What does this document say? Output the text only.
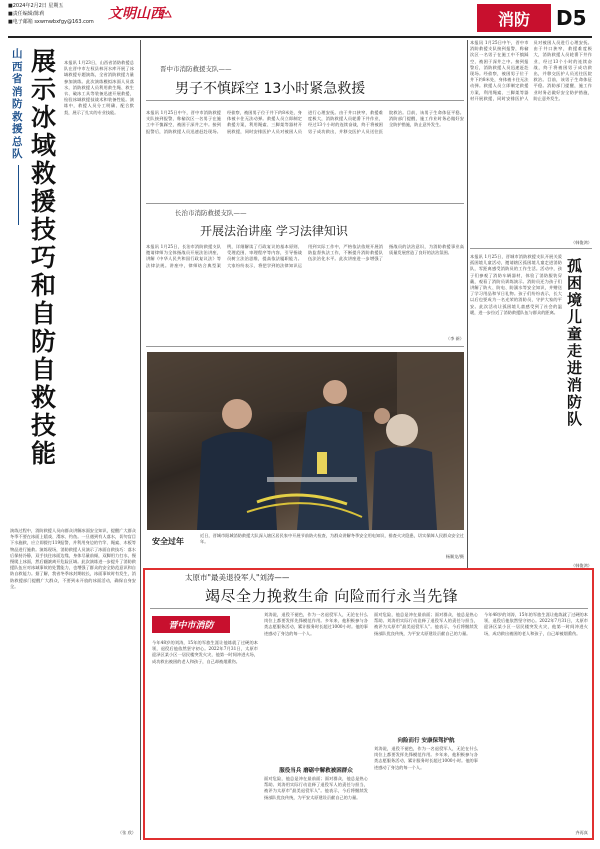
■2024年2月2日 星期五
■责任编辑/陈莉
■电子邮箱 sxwmwbxfgy@163.com	文明山西	消防	D5
山西省消防救援总队
展示冰域救援技巧和自防自救技能
本报讯 1月23日，山西省消防救援总队在晋中市左权县林河水库开展了冰域救援专题演练，全省消防救援力量参加演练。此次演练模拟冰面人员落水，消防救援人员利用救生绳、救生衣、破冰工具等装备迅速开展救援，检验冰域救援技战术和装备性能。演练中，救援人员分工明确、配合默契，展示了扎实的专业技能。
演练过程中，消防救援人员向群众讲解冰面安全知识，提醒广大群众冬季不要在冰面上嬉戏、滑冰、钓鱼。一旦遇到有人落水，切勿盲目下水施救，应立即拨打119报警，并利用身边的竹竿、绳索、木板等物品进行施救。演练现场，消防救援人员演示了冰面自救技巧：落水后保持冷静，双手扶住冰面边缘，身体尽量前倾，双脚用力打水，慢慢爬上冰面，然后翻滚离开危险区域。此次演练进一步提升了消防救援队伍应对冰域事故的处置能力，也增强了群众的安全防范意识和自防自救能力。据了解，我省冬季冰封期较长，冰面事故时有发生，消防救援部门提醒广大群众，不要到未开放的冰面活动，确保自身安全。
（张 欣）
晋中市消防救援支队——
男子不慎踩空 13小时紧急救援
本报讯 1月25日中午，晋中市消防救援支队接到报警，称榆次区一名男子在施工中不慎踩空，被困于深井之中。接到报警后，消防救援人员迅速赶赴现场。经侦察，被困男子位于井下约8米处，身体被卡住无法动弹。救援人员立即制定救援方案，利用绳索、三脚架等器材开展救援，同时安排医护人员对被困人员进行心理安抚。由于井口狭窄，救援难度极大，消防救援人员轮番下井作业，经过13个小时的连续奋战，终于将被困男子成功救出，并移交医护人员送往医院救治。目前，该男子生命体征平稳。消防部门提醒，施工作业时务必做好安全防护措施，防止意外发生。
长治市消防救援支队——
开展法治讲座 学习法律知识
本报讯 1月25日，长治市消防救援支队邀请律师为全体指战员开展法治讲座，讲解《中华人民共和国行政复议法》等法律法规。讲座中，律师结合典型案例，详细解读了行政复议的基本原则、受理范围、审理程序等内容，引导指战员树立法治思维，提高依法履职能力。大家纷纷表示，将把学到的法律知识运用到实际工作中，严格依法依规开展消防监督执法工作，不断提升消防救援队伍法治化水平。此次讲座进一步增强了指战员的法治意识，为消防救援事业高质量发展营造了良好的法治氛围。
（李 新）
安全过年
近日，晋城市阳城消防救援大队深入辖区居民家中开展节前防火检查，为群众讲解冬季安全用电知识，排查火灾隐患，切实保障人民群众安全过年。
杨顺龙/摄
本报讯 1月25日中午，晋中市消防救援支队接到报警，称榆次区一名男子在施工中不慎踩空，被困于深井之中。接到报警后，消防救援人员迅速赶赴现场。经侦察，被困男子位于井下约8米处，身体被卡住无法动弹。救援人员立即制定救援方案，利用绳索、三脚架等器材开展救援，同时安排医护人员对被困人员进行心理安抚。由于井口狭窄，救援难度极大，消防救援人员轮番下井作业，经过13个小时的连续奋战，终于将被困男子成功救出，并移交医护人员送往医院救治。目前，该男子生命体征平稳。消防部门提醒，施工作业时务必做好安全防护措施，防止意外发生。
（韩俊鸿）
本报讯 1月25日，晋城市消防救援支队开展关爱孤困境儿童活动，邀请辖区孤困境儿童走进消防队，零距离感受消防员的工作生活。活动中，孩子们参观了消防车辆器材，体验了消防服装穿戴，观看了消防员训练演示。消防员还为孩子们讲解了防火、防电、防溺水等安全知识，并赠送了学习用品和节日礼物。孩子们纷纷表示，长大以后也要成为一名光荣的消防员，守护大家的平安。此次活动让孤困境儿童感受到了社会的温暖，进一步拉近了消防救援队伍与群众的距离。
孤困境儿童走进消防队
（韩俊鸿）
太原市"最美退役军人"刘涛——
竭尽全力挽救生命 向险而行永当先锋
晋中市消防
今年48岁的刘涛，15年的军旅生涯让他练就了过硬的本领，退役后他依然坚守初心。2022年7月31日，太原市迎泽区某小区一居民楼突发火灾，他第一时间冲进火场，成功救出被困的老人和孩子，自己却被烟熏伤。
刘涛说，退役不褪色，作为一名退役军人，无论在什么岗位上都要发挥先锋模范作用。多年来，他积极参与各类志愿服务活动，累计服务时长超过1000小时。他的事迹感动了身边的每一个人。
服役当兵 磨砺中解救被困群众
面对危险，他总是冲在最前面；面对群众，他总是热心帮助。刘涛用实际行动诠释了退役军人的责任与担当，被评为太原市"最美退役军人"。他表示，今后将继续发扬部队优良传统，为平安太原建设贡献自己的力量。
面对危险，他总是冲在最前面；面对群众，他总是热心帮助。刘涛用实际行动诠释了退役军人的责任与担当，被评为太原市"最美退役军人"。他表示，今后将继续发扬部队优良传统，为平安太原建设贡献自己的力量。
向险而行 安康保驾护航
刘涛说，退役不褪色，作为一名退役军人，无论在什么岗位上都要发挥先锋模范作用。多年来，他积极参与各类志愿服务活动，累计服务时长超过1000小时。他的事迹感动了身边的每一个人。
今年48岁的刘涛，15年的军旅生涯让他练就了过硬的本领，退役后他依然坚守初心。2022年7月31日，太原市迎泽区某小区一居民楼突发火灾，他第一时间冲进火场，成功救出被困的老人和孩子，自己却被烟熏伤。
齐再真
